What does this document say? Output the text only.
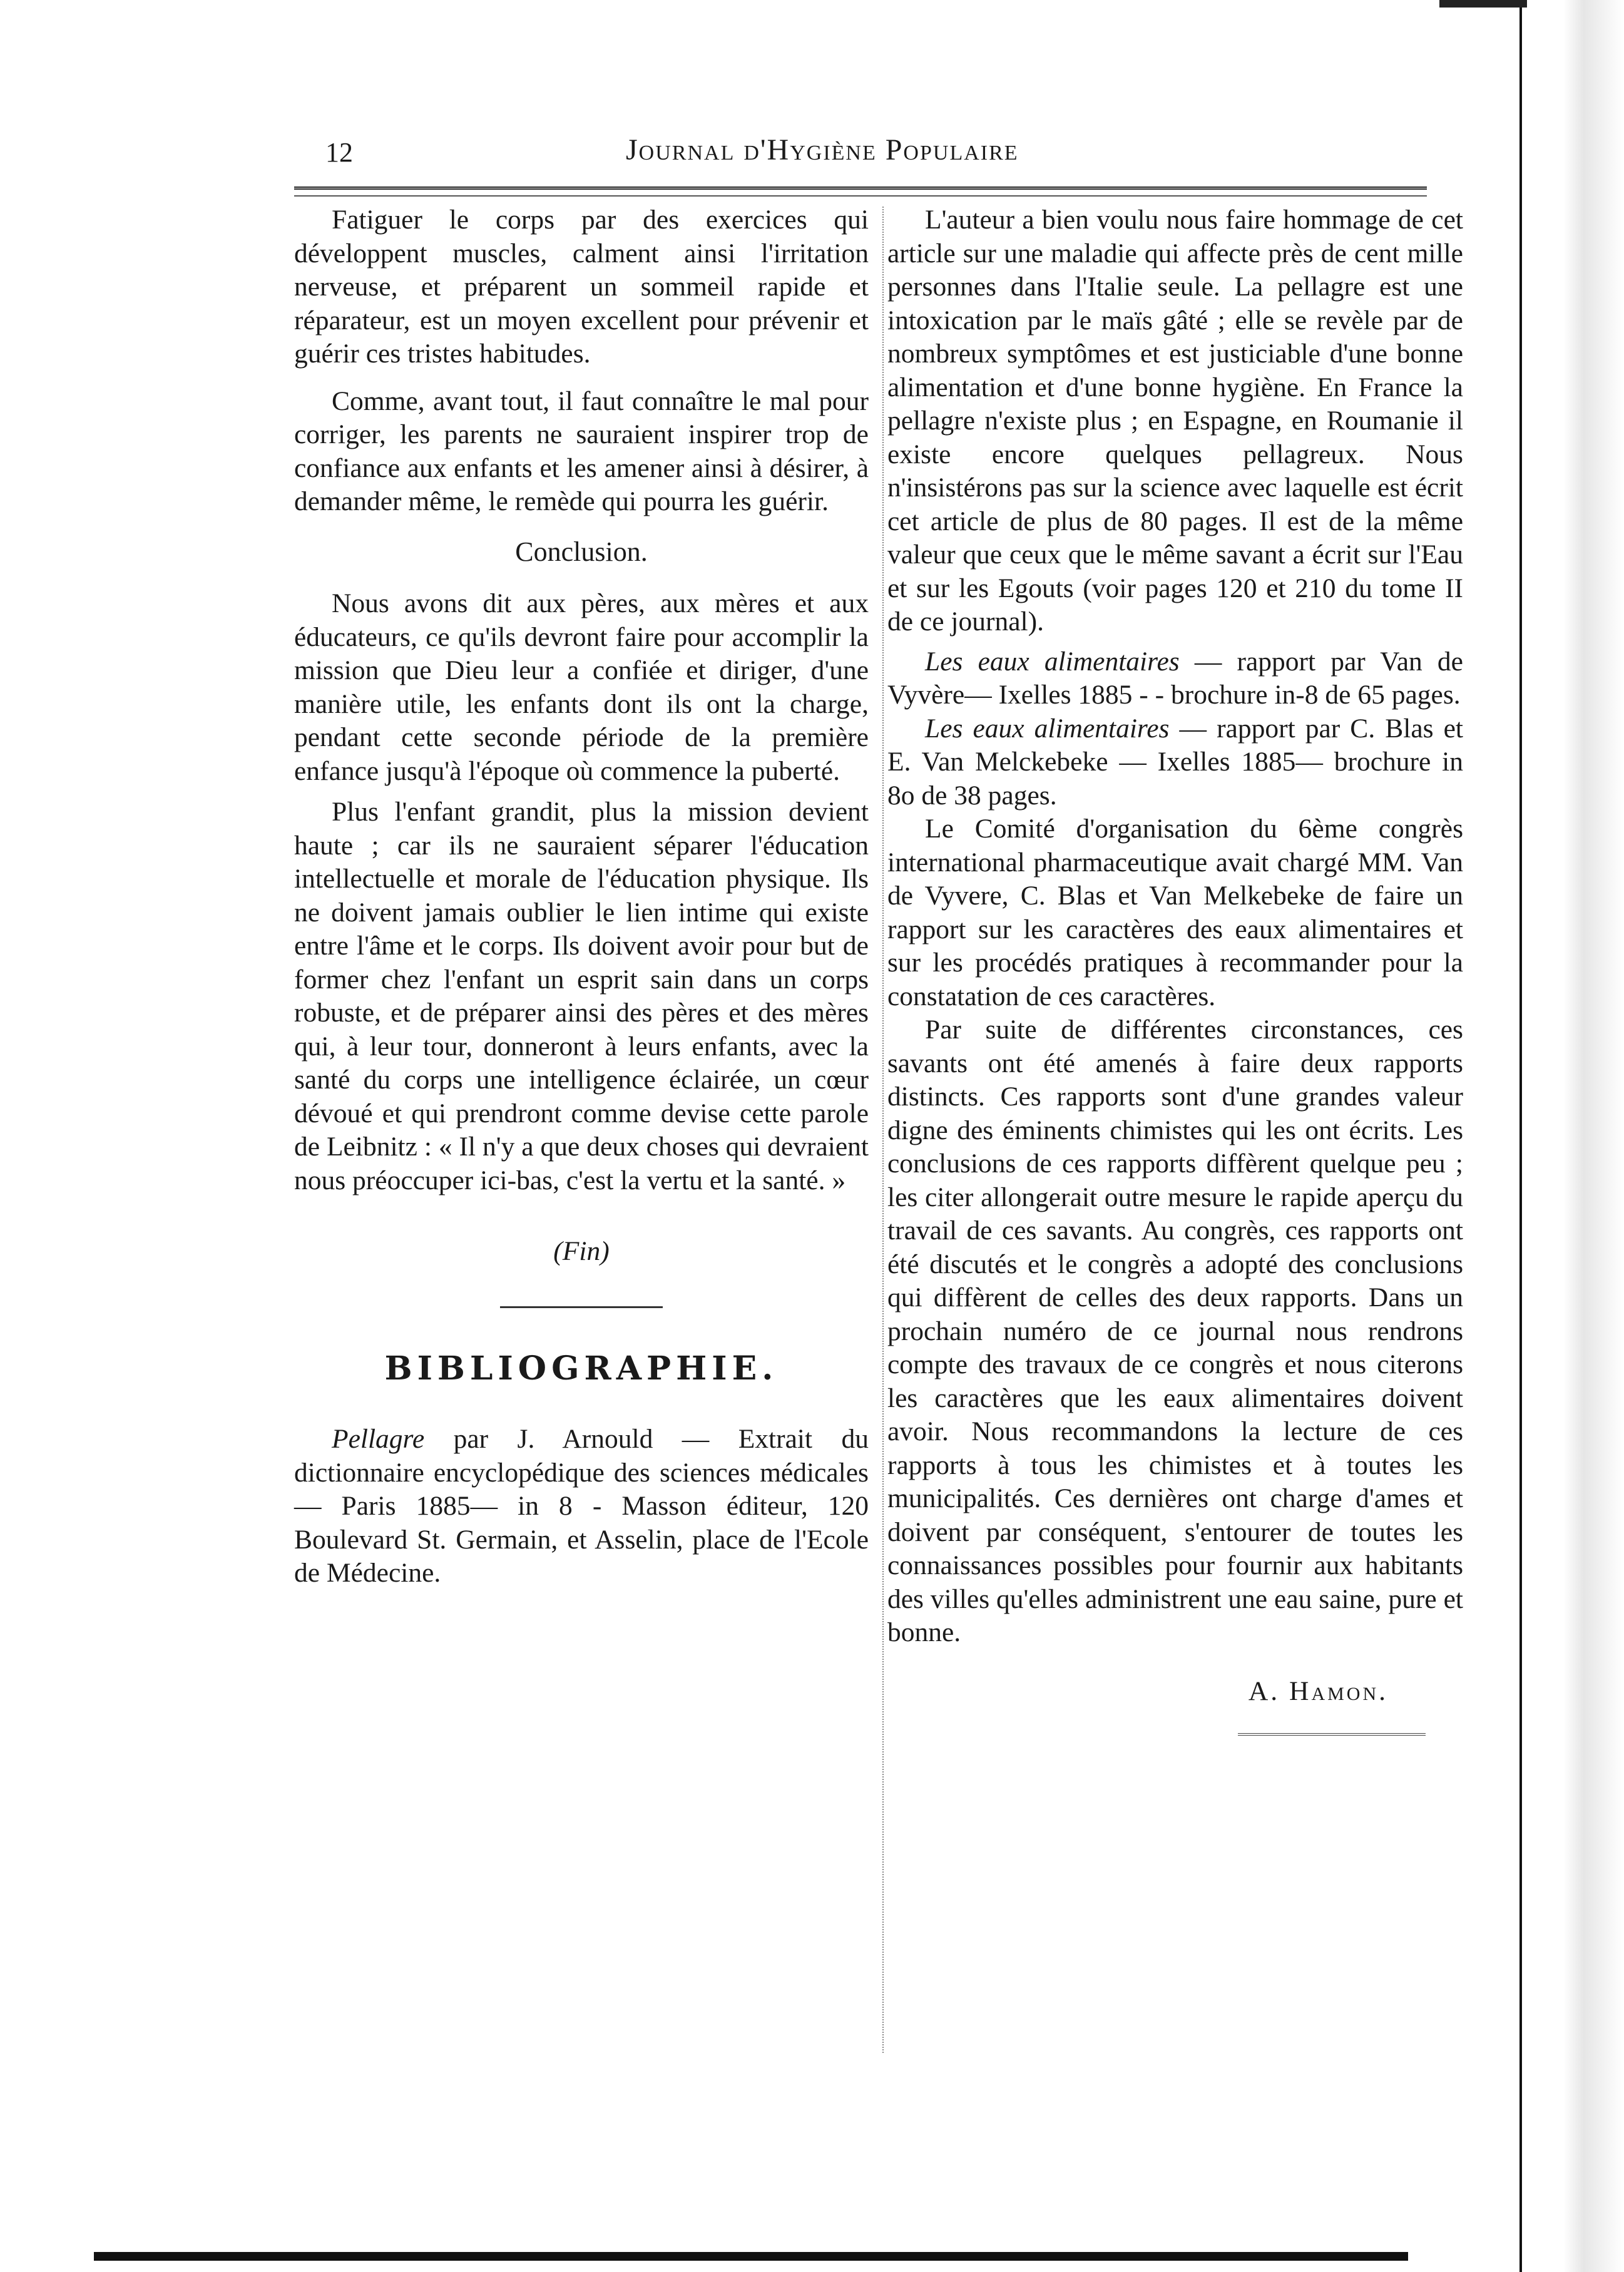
12	Journal d'Hygiène Populaire

Fatiguer le corps par des exercices qui développent muscles, calment ainsi l'irritation nerveuse, et préparent un sommeil rapide et réparateur, est un moyen excellent pour prévenir et guérir ces tristes habitudes.

Comme, avant tout, il faut connaître le mal pour corriger, les parents ne sauraient inspirer trop de confiance aux enfants et les amener ainsi à désirer, à demander même, le remède qui pourra les guérir.

Conclusion.

Nous avons dit aux pères, aux mères et aux éducateurs, ce qu'ils devront faire pour accomplir la mission que Dieu leur a confiée et diriger, d'une manière utile, les enfants dont ils ont la charge, pendant cette seconde période de la première enfance jusqu'à l'époque où commence la puberté.

Plus l'enfant grandit, plus la mission devient haute ; car ils ne sauraient séparer l'éducation intellectuelle et morale de l'éducation physique. Ils ne doivent jamais oublier le lien intime qui existe entre l'âme et le corps. Ils doivent avoir pour but de former chez l'enfant un esprit sain dans un corps robuste, et de préparer ainsi des pères et des mères qui, à leur tour, donneront à leurs enfants, avec la santé du corps une intelligence éclairée, un cœur dévoué et qui prendront comme devise cette parole de Leibnitz : « Il n'y a que deux choses qui devraient nous préoccuper ici-bas, c'est la vertu et la santé. »

(Fin)
BIBLIOGRAPHIE.

Pellagre par J. Arnould — Extrait du dictionnaire encyclopédique des sciences médicales — Paris 1885— in 8 - Masson éditeur, 120 Boulevard St. Germain, et Asselin, place de l'Ecole de Médecine.

L'auteur a bien voulu nous faire hommage de cet article sur une maladie qui affecte près de cent mille personnes dans l'Italie seule. La pellagre est une intoxication par le maïs gâté ; elle se revèle par de nombreux symptômes et est justiciable d'une bonne alimentation et d'une bonne hygiène. En France la pellagre n'existe plus ; en Espagne, en Roumanie il existe encore quelques pellagreux. Nous n'insistérons pas sur la science avec laquelle est écrit cet article de plus de 80 pages. Il est de la même valeur que ceux que le même savant a écrit sur l'Eau et sur les Egouts (voir pages 120 et 210 du tome II de ce journal).

Les eaux alimentaires — rapport par Van de Vyvère— Ixelles 1885 - - brochure in-8 de 65 pages.

Les eaux alimentaires — rapport par C. Blas et E. Van Melckebeke — Ixelles 1885— brochure in 8o de 38 pages.

Le Comité d'organisation du 6ème congrès international pharmaceutique avait chargé MM. Van de Vyvere, C. Blas et Van Melkebeke de faire un rapport sur les caractères des eaux alimentaires et sur les procédés pratiques à recommander pour la constatation de ces caractères.

Par suite de différentes circonstances, ces savants ont été amenés à faire deux rapports distincts. Ces rapports sont d'une grandes valeur digne des éminents chimistes qui les ont écrits. Les conclusions de ces rapports diffèrent quelque peu ; les citer allongerait outre mesure le rapide aperçu du travail de ces savants. Au congrès, ces rapports ont été discutés et le congrès a adopté des conclusions qui diffèrent de celles des deux rapports. Dans un prochain numéro de ce journal nous rendrons compte des travaux de ce congrès et nous citerons les caractères que les eaux alimentaires doivent avoir. Nous recommandons la lecture de ces rapports à tous les chimistes et à toutes les municipalités. Ces dernières ont charge d'ames et doivent par conséquent, s'entourer de toutes les connaissances possibles pour fournir aux habitants des villes qu'elles administrent une eau saine, pure et bonne.

A. Hamon.
